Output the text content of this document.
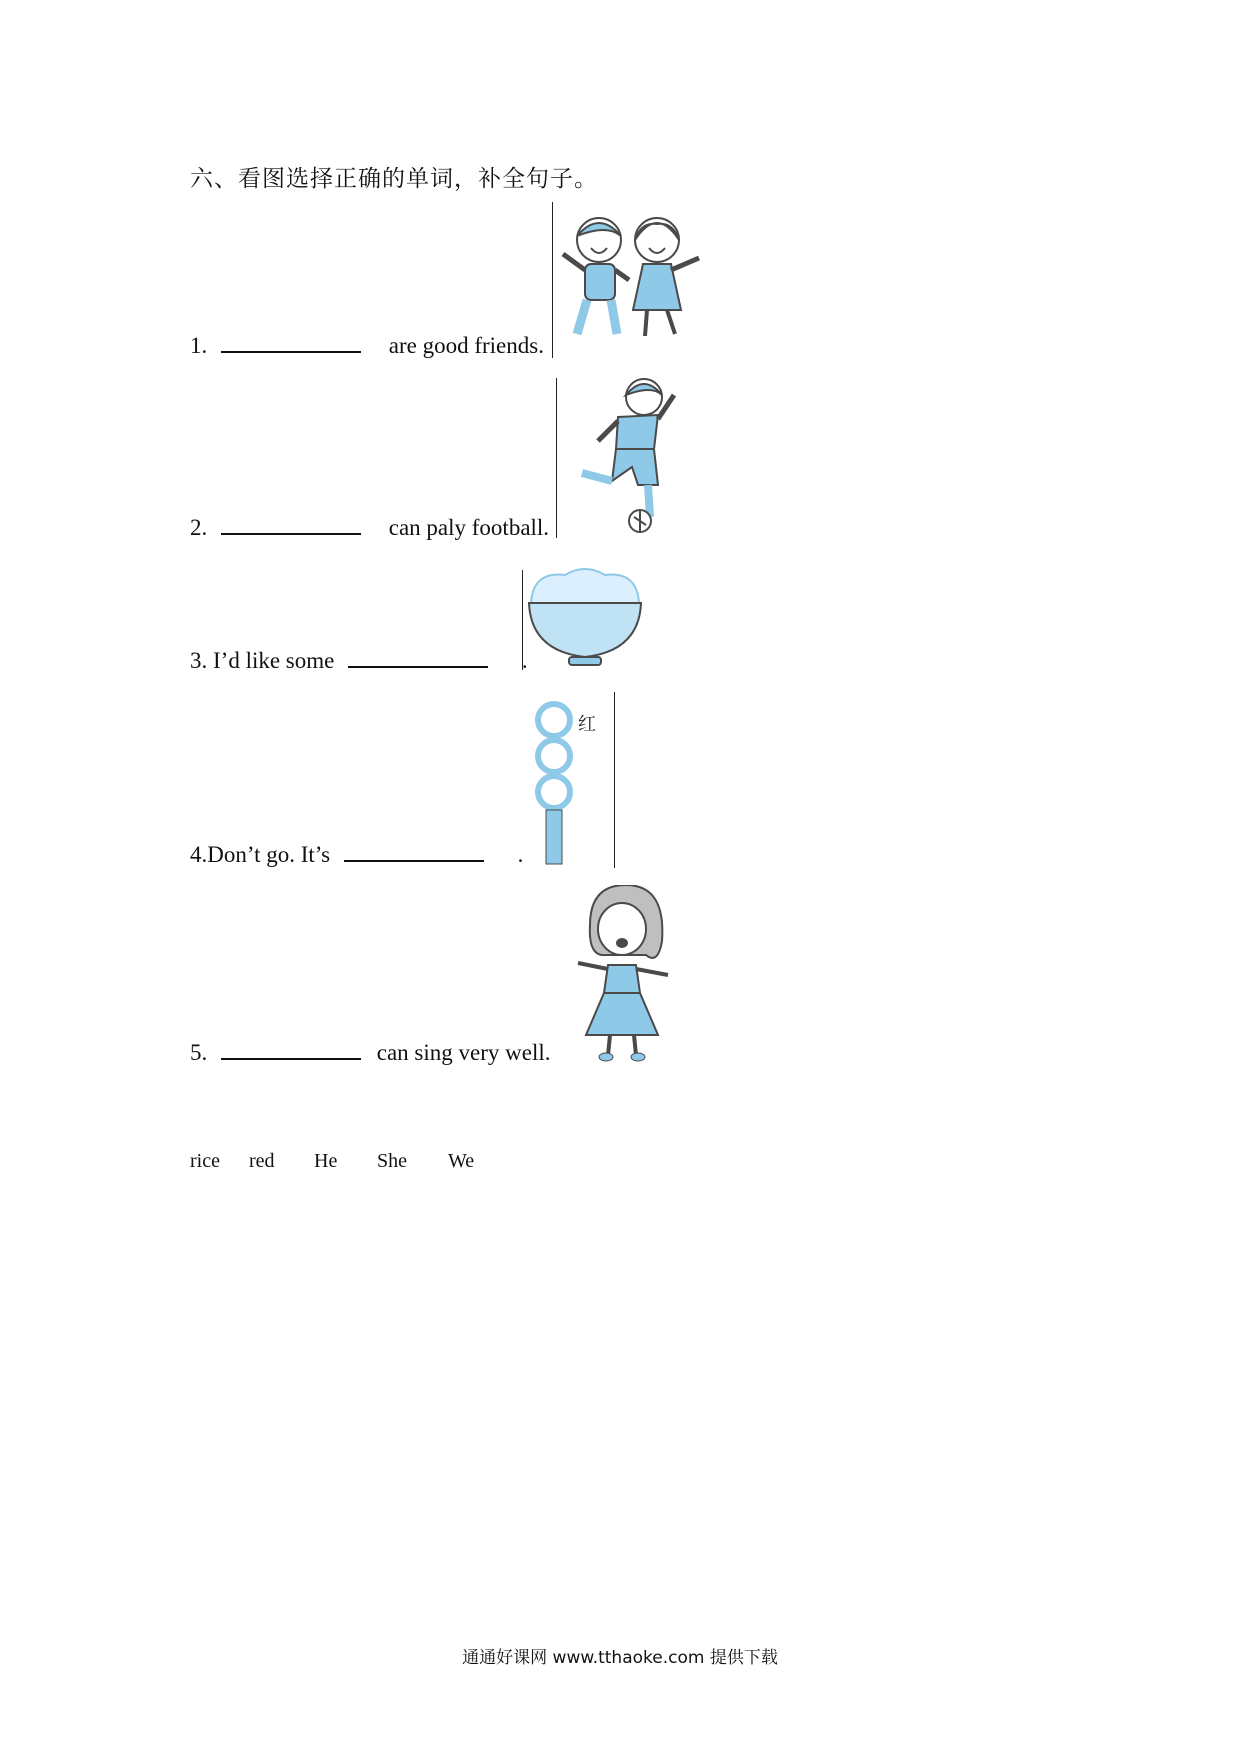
六、看图选择正确的单词，补全句子。
1.	are good friends.
2.	can paly football.
3. I’d like some	.
4.Don’t go. It’s	.
红
5.	can sing very well.
rice red He She We
通通好课网 www.tthaoke.com 提供下载
